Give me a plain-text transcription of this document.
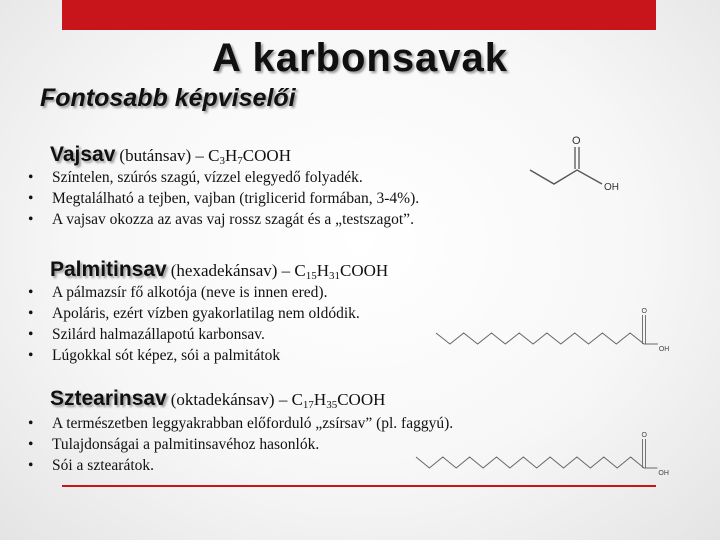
A karbonsavak
Fontosabb képviselői
Vajsav (butánsav) – $C_3H_7COOH$
• Színtelen, szúrós szagú, vízzel elegyedő folyadék.
• Megtalálható a tejben, vajban (triglicerid formában, 3-4%).
• A vajsav okozza az avas vaj rossz szagát és a „testszagot”.
O
OH
Palmitinsav (hexadekánsav) – $C_{15}H_{31}COOH$
• A pálmazsír fő alkotója (neve is innen ered).
• Apoláris, ezért vízben gyakorlatilag nem oldódik.
• Szilárd halmazállapotú karbonsav.
• Lúgokkal sót képez, sói a palmitátok
O
OH
Sztearinsav (oktadekánsav) – $C_{17}H_{35}COOH$
• A természetben leggyakrabban előforduló „zsírsav” (pl. faggyú).
• Tulajdonságai a palmitinsavéhoz hasonlók.
• Sói a sztearátok.
O
OH
